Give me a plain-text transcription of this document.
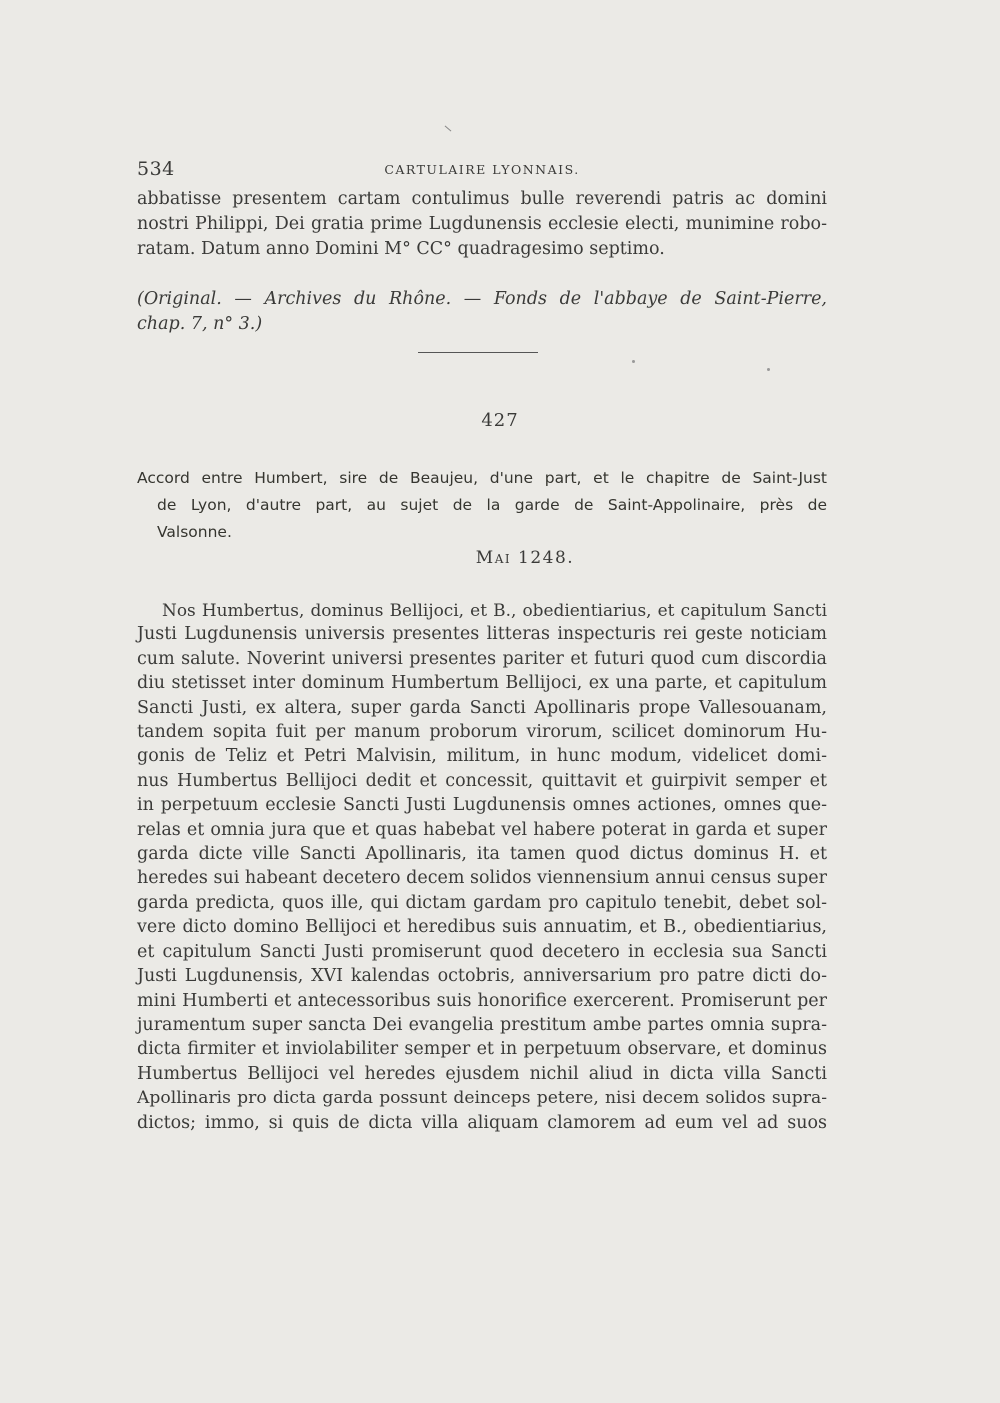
534	CARTULAIRE LYONNAIS.
abbatisse presentem cartam contulimus bulle reverendi patris ac domini
nostri Philippi, Dei gratia prime Lugdunensis ecclesie electi, munimine robo-
ratam. Datum anno Domini M° CC° quadragesimo septimo.
(Original. — Archives du Rhône. — Fonds de l'abbaye de Saint-Pierre,
chap. 7, n° 3.)
427
Accord entre Humbert, sire de Beaujeu, d'une part, et le chapitre de Saint-Just
de Lyon, d'autre part, au sujet de la garde de Saint-Appolinaire, près de
Valsonne.
Mai 1248.
Nos Humbertus, dominus Bellijoci, et B., obedientiarius, et capitulum Sancti
Justi Lugdunensis universis presentes litteras inspecturis rei geste noticiam
cum salute. Noverint universi presentes pariter et futuri quod cum discordia
diu stetisset inter dominum Humbertum Bellijoci, ex una parte, et capitulum
Sancti Justi, ex altera, super garda Sancti Apollinaris prope Vallesouanam,
tandem sopita fuit per manum proborum virorum, scilicet dominorum Hu-
gonis de Teliz et Petri Malvisin, militum, in hunc modum, videlicet domi-
nus Humbertus Bellijoci dedit et concessit, quittavit et guirpivit semper et
in perpetuum ecclesie Sancti Justi Lugdunensis omnes actiones, omnes que-
relas et omnia jura que et quas habebat vel habere poterat in garda et super
garda dicte ville Sancti Apollinaris, ita tamen quod dictus dominus H. et
heredes sui habeant decetero decem solidos viennensium annui census super
garda predicta, quos ille, qui dictam gardam pro capitulo tenebit, debet sol-
vere dicto domino Bellijoci et heredibus suis annuatim, et B., obedientiarius,
et capitulum Sancti Justi promiserunt quod decetero in ecclesia sua Sancti
Justi Lugdunensis, XVI kalendas octobris, anniversarium pro patre dicti do-
mini Humberti et antecessoribus suis honorifice exercerent. Promiserunt per
juramentum super sancta Dei evangelia prestitum ambe partes omnia supra-
dicta firmiter et inviolabiliter semper et in perpetuum observare, et dominus
Humbertus Bellijoci vel heredes ejusdem nichil aliud in dicta villa Sancti
Apollinaris pro dicta garda possunt deinceps petere, nisi decem solidos supra-
dictos; immo, si quis de dicta villa aliquam clamorem ad eum vel ad suos
